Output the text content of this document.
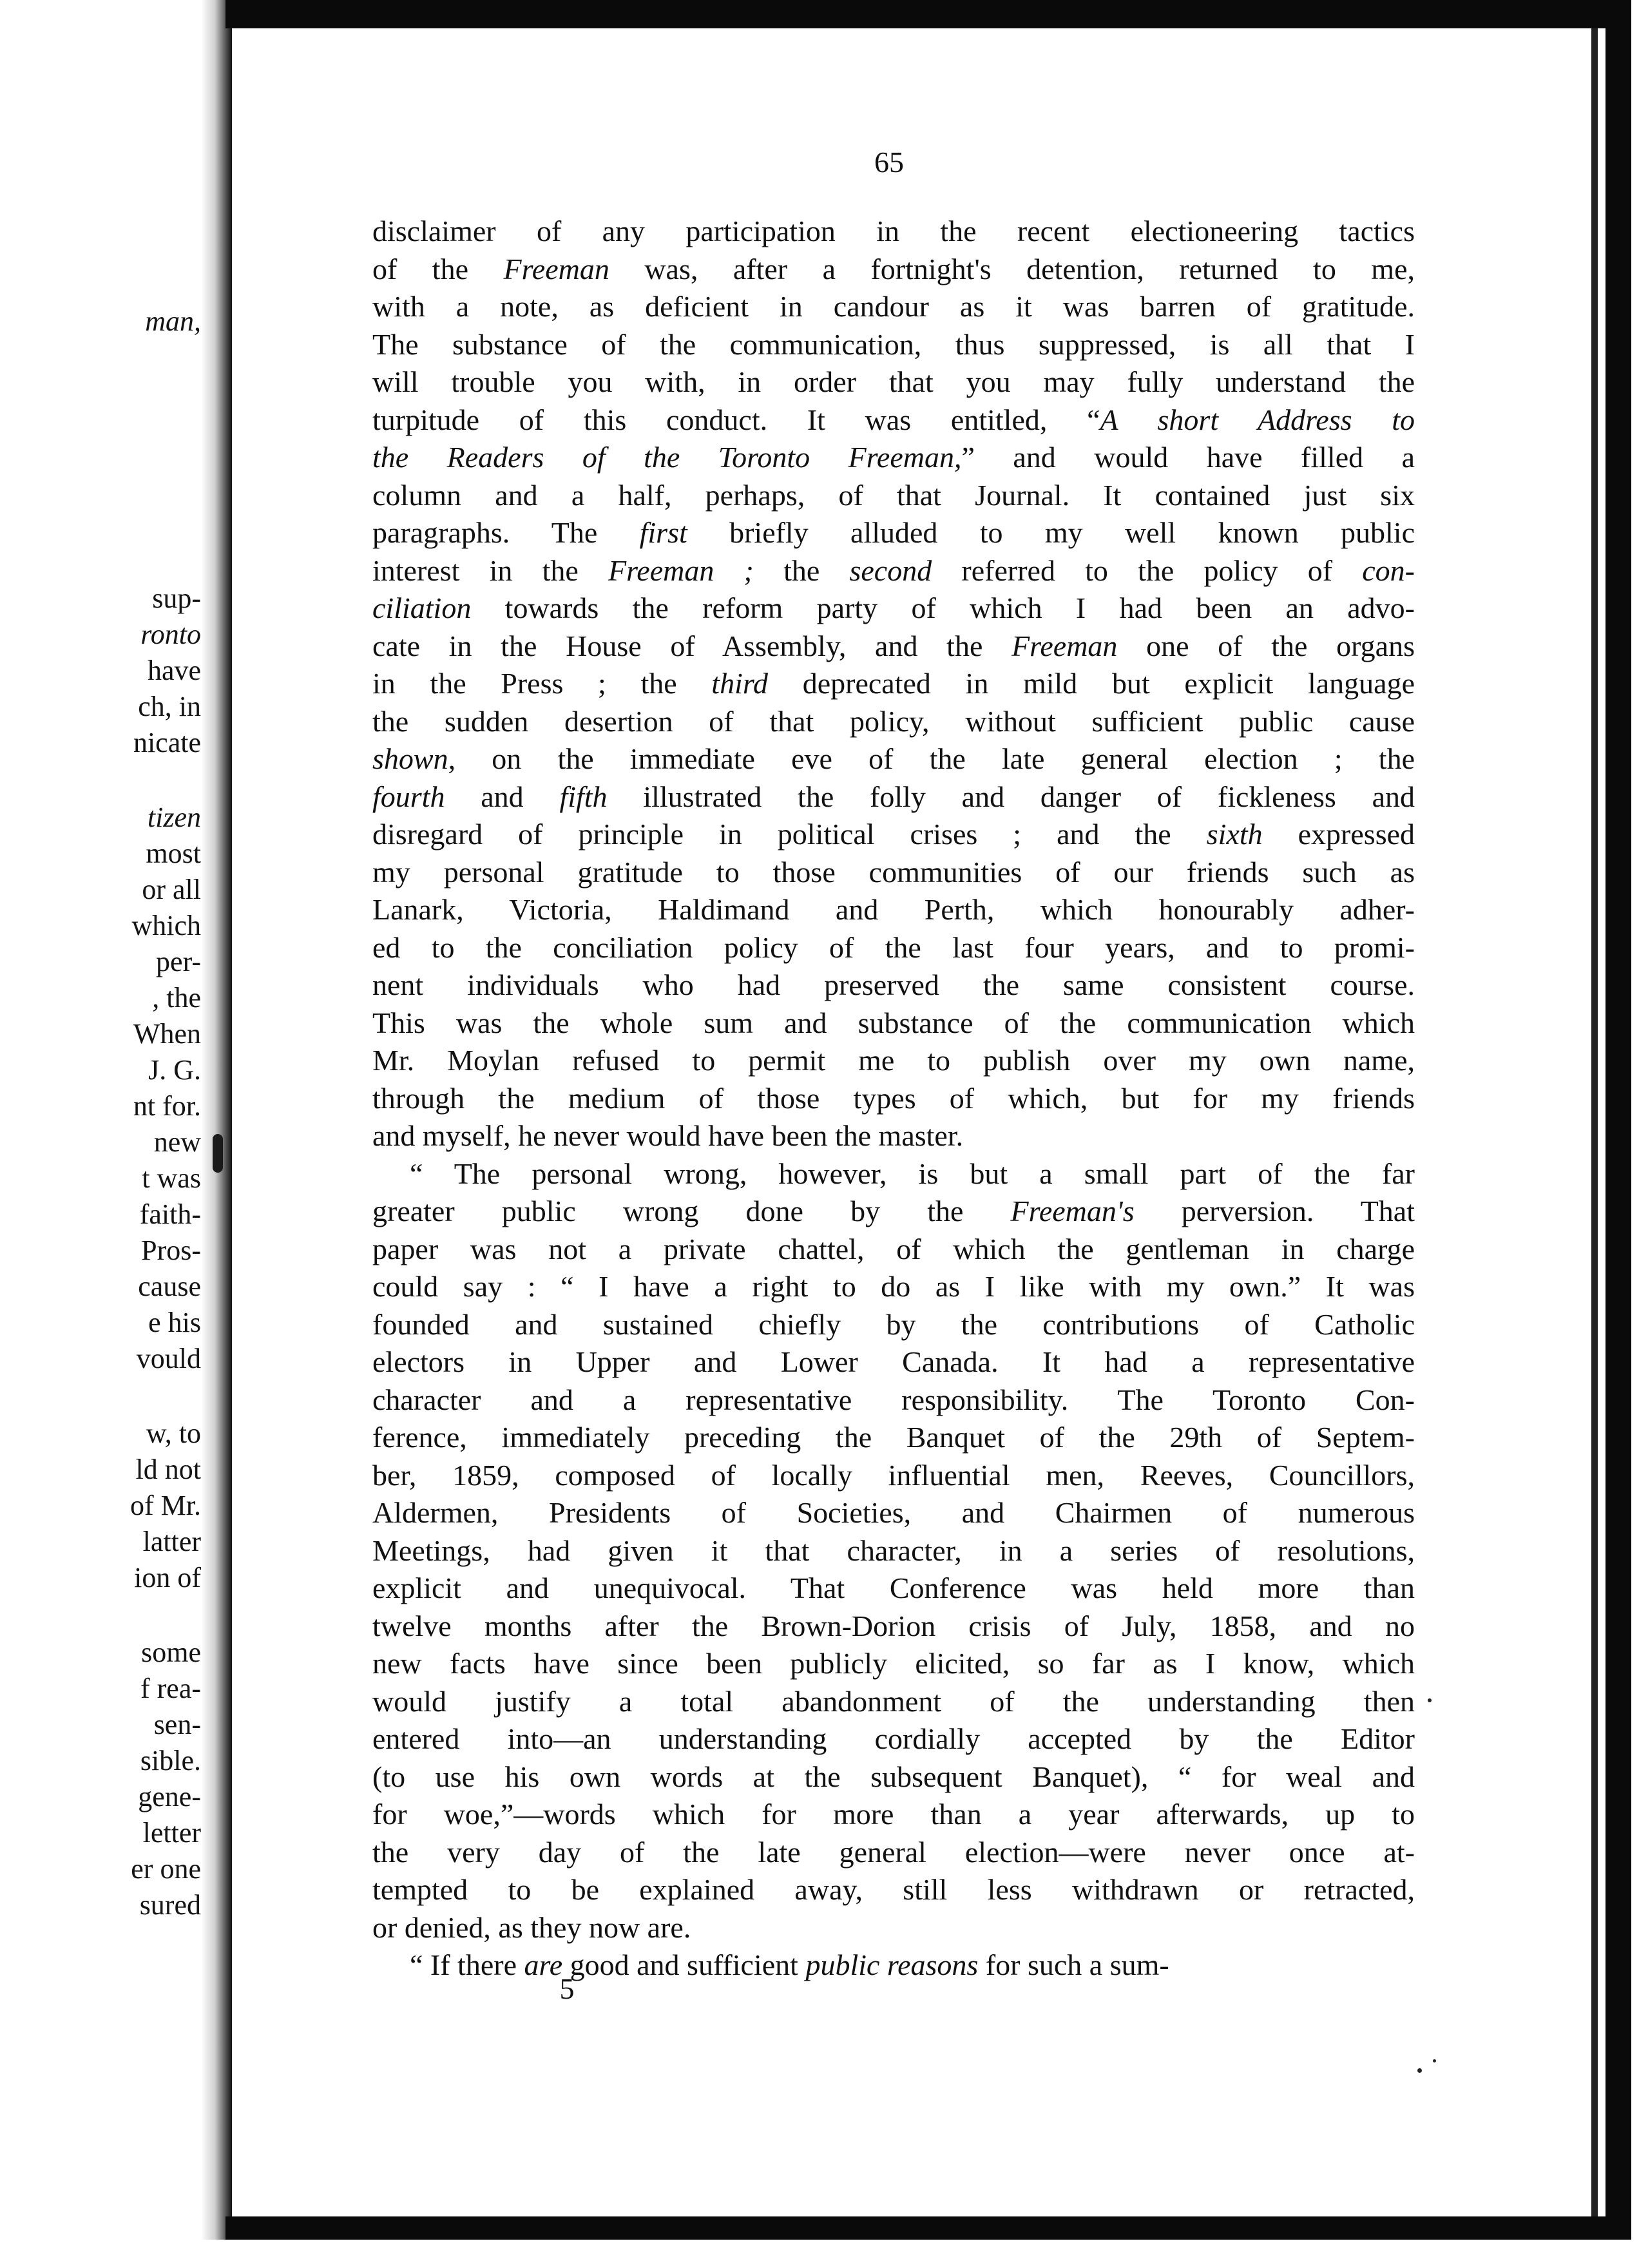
man,
sup-
ronto
have
ch, in
nicate
tizen
most
or all
which
per-
, the
When
J. G.
nt for.
new
t was
faith-
Pros-
cause
e his
vould
w, to
ld not
of Mr.
latter
ion of
some
f rea-
sen-
sible.
gene-
letter
er one
sured
65
disclaimer of any participation in the recent electioneering tactics
of the Freeman was, after a fortnight's detention, returned to me,
with a note, as deficient in candour as it was barren of gratitude.
The substance of the communication, thus suppressed, is all that I
will trouble you with, in order that you may fully understand the
turpitude of this conduct. It was entitled, “A short Address to
the Readers of the Toronto Freeman,” and would have filled a
column and a half, perhaps, of that Journal. It contained just six
paragraphs. The first briefly alluded to my well known public
interest in the Freeman ; the second referred to the policy of con-
ciliation towards the reform party of which I had been an advo-
cate in the House of Assembly, and the Freeman one of the organs
in the Press ; the third deprecated in mild but explicit language
the sudden desertion of that policy, without sufficient public cause
shown, on the immediate eve of the late general election ; the
fourth and fifth illustrated the folly and danger of fickleness and
disregard of principle in political crises ; and the sixth expressed
my personal gratitude to those communities of our friends such as
Lanark, Victoria, Haldimand and Perth, which honourably adher-
ed to the conciliation policy of the last four years, and to promi-
nent individuals who had preserved the same consistent course.
This was the whole sum and substance of the communication which
Mr. Moylan refused to permit me to publish over my own name,
through the medium of those types of which, but for my friends
and myself, he never would have been the master.
“ The personal wrong, however, is but a small part of the far
greater public wrong done by the Freeman's perversion. That
paper was not a private chattel, of which the gentleman in charge
could say : “ I have a right to do as I like with my own.” It was
founded and sustained chiefly by the contributions of Catholic
electors in Upper and Lower Canada. It had a representative
character and a representative responsibility. The Toronto Con-
ference, immediately preceding the Banquet of the 29th of Septem-
ber, 1859, composed of locally influential men, Reeves, Councillors,
Aldermen, Presidents of Societies, and Chairmen of numerous
Meetings, had given it that character, in a series of resolutions,
explicit and unequivocal. That Conference was held more than
twelve months after the Brown-Dorion crisis of July, 1858, and no
new facts have since been publicly elicited, so far as I know, which
would justify a total abandonment of the understanding then
entered into—an understanding cordially accepted by the Editor
(to use his own words at the subsequent Banquet), “ for weal and
for woe,”—words which for more than a year afterwards, up to
the very day of the late general election—were never once at-
tempted to be explained away, still less withdrawn or retracted,
or denied, as they now are.
“ If there are good and sufficient public reasons for such a sum-
5
